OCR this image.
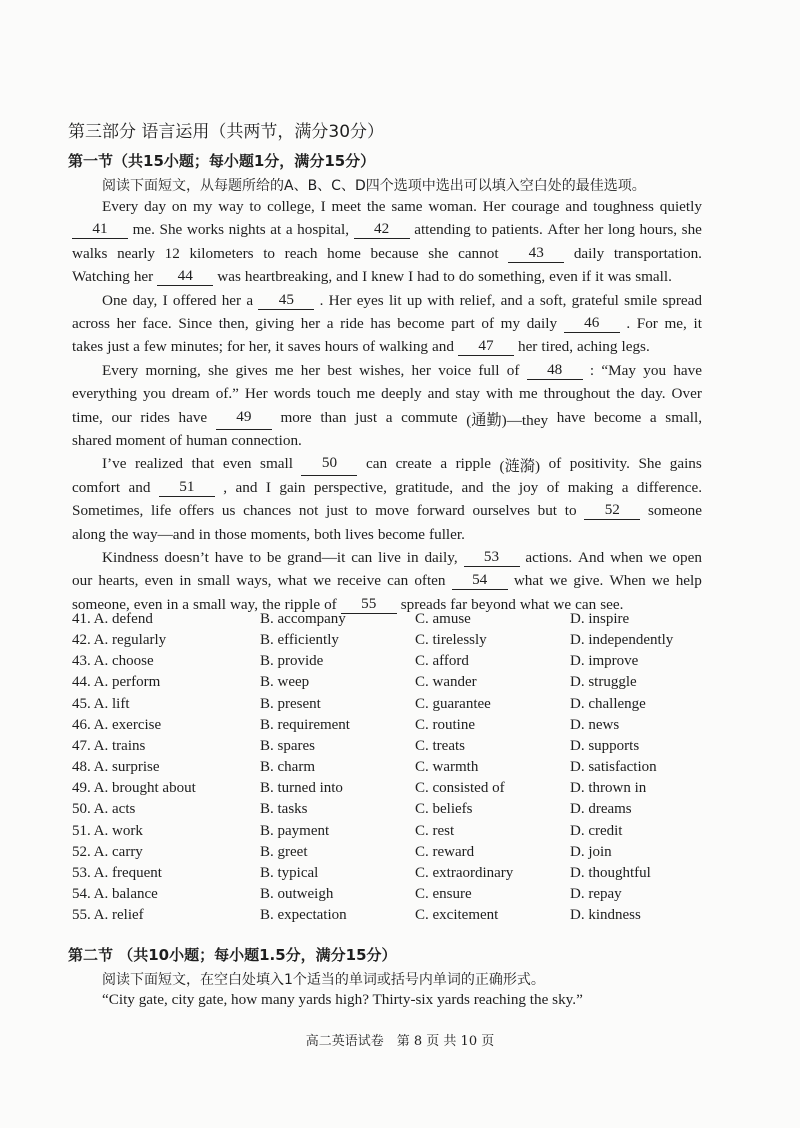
第三部分 语言运用（共两节，满分30分）
第一节（共15小题；每小题1分，满分15分）
阅读下面短文，从每题所给的A、B、C、D四个选项中选出可以填入空白处的最佳选项。
Every day on my way to college, I meet the same woman. Her courage and toughness quietly
41	me. She works nights at a hospital,	42	attending to patients. After her long hours, she
walks nearly 12 kilometers to reach home because she cannot	43	daily transportation.
Watching her	44	was heartbreaking, and I knew I had to do something, even if it was small.
One day, I offered her a	45	. Her eyes lit up with relief, and a soft, grateful smile spread
across her face. Since then, giving her a ride has become part of my daily	46	. For me, it
takes just a few minutes; for her, it saves hours of walking and	47	her tired, aching legs.
Every morning, she gives me her best wishes, her voice full of	48	: “May you have
everything you dream of.” Her words touch me deeply and stay with me throughout the day. Over
time, our rides have	49	more than just a commute (通勤)—they have become a small,
shared moment of human connection.
I’ve realized that even small	50	can create a ripple (涟漪) of positivity. She gains
comfort and	51	, and I gain perspective, gratitude, and the joy of making a difference.
Sometimes, life offers us chances not just to move forward ourselves but to	52	someone
along the way—and in those moments, both lives become fuller.
Kindness doesn’t have to be grand—it can live in daily,	53	actions. And when we open
our hearts, even in small ways, what we receive can often	54	what we give. When we help
someone, even in a small way, the ripple of	55	spreads far beyond what we can see.
41. A. defend	B. accompany	C. amuse	D. inspire
42. A. regularly	B. efficiently	C. tirelessly	D. independently
43. A. choose	B. provide	C. afford	D. improve
44. A. perform	B. weep	C. wander	D. struggle
45. A. lift	B. present	C. guarantee	D. challenge
46. A. exercise	B. requirement	C. routine	D. news
47. A. trains	B. spares	C. treats	D. supports
48. A. surprise	B. charm	C. warmth	D. satisfaction
49. A. brought about	B. turned into	C. consisted of	D. thrown in
50. A. acts	B. tasks	C. beliefs	D. dreams
51. A. work	B. payment	C. rest	D. credit
52. A. carry	B. greet	C. reward	D. join
53. A. frequent	B. typical	C. extraordinary	D. thoughtful
54. A. balance	B. outweigh	C. ensure	D. repay
55. A. relief	B. expectation	C. excitement	D. kindness
第二节 （共10小题；每小题1.5分，满分15分）
阅读下面短文，在空白处填入1个适当的单词或括号内单词的正确形式。
“City gate, city gate, how many yards high? Thirty-six yards reaching the sky.”
高二英语试卷　第 8 页 共 10 页
